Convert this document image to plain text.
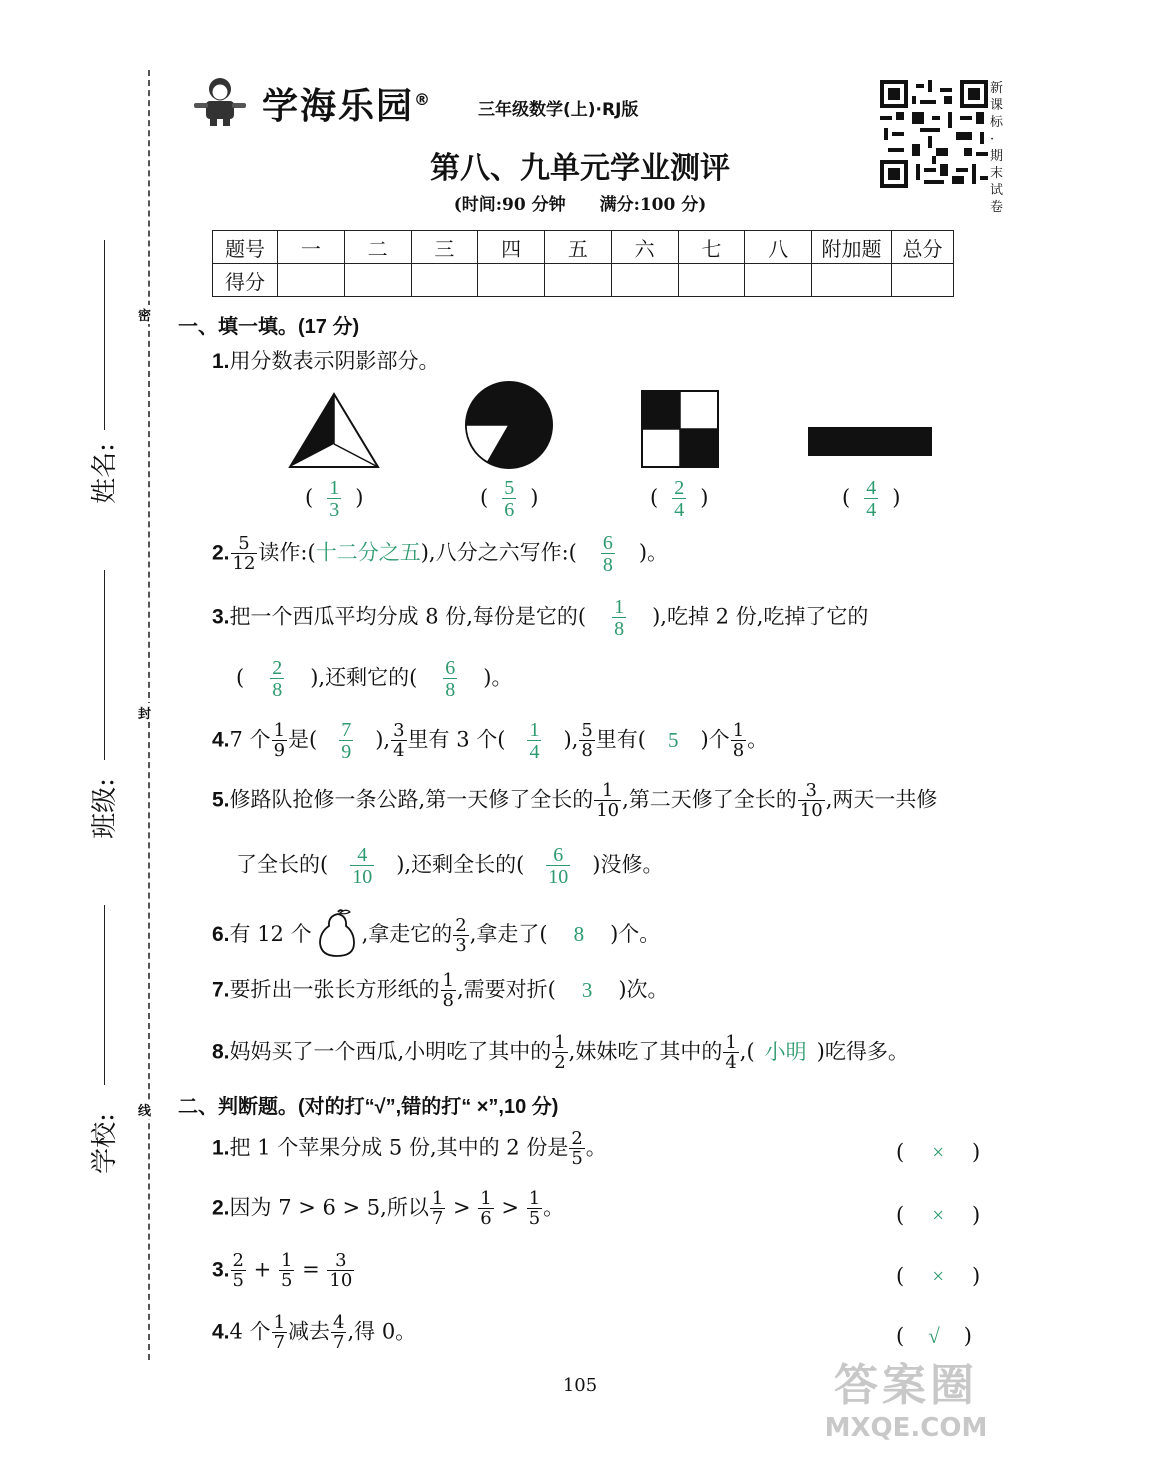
密
封
线
姓名:
班级:
学校:
学海乐园®
三年级数学(上)·RJ版
新课标·期末试卷
第八、九单元学业测评
(时间:90 分钟　　满分:100 分)
题号	一	二	三	四	五	六	七	八	附加题	总分
得分										
一、填一填。(17 分)
1.用分数表示阴影部分。
( $\frac{1}{3}$ )	( $\frac{5}{6}$ )	( $\frac{2}{4}$ )	( $\frac{4}{4}$ )
2. $\frac{5}{12}$ 读作:(十二分之五),八分之六写作:( $\frac{6}{8}$ )。
3.把一个西瓜平均分成 8 份,每份是它的( $\frac{1}{8}$ ),吃掉 2 份,吃掉了它的
( $\frac{2}{8}$ ),还剩它的( $\frac{6}{8}$ )。
4.7 个 $\frac{1}{9}$ 是( $\frac{7}{9}$ ), $\frac{3}{4}$ 里有 3 个( $\frac{1}{4}$ ), $\frac{5}{8}$ 里有( 5 )个 $\frac{1}{8}$ 。
5.修路队抢修一条公路,第一天修了全长的 $\frac{1}{10}$ ,第二天修了全长的 $\frac{3}{10}$ ,两天一共修
了全长的( $\frac{4}{10}$ ),还剩全长的( $\frac{6}{10}$ )没修。
6.有 12 个 ,拿走它的 $\frac{2}{3}$ ,拿走了( 8 )个。
7.要折出一张长方形纸的 $\frac{1}{8}$ ,需要对折( 3 )次。
8.妈妈买了一个西瓜,小明吃了其中的 $\frac{1}{2}$ ,妹妹吃了其中的 $\frac{1}{4}$ ,( 小明 )吃得多。
二、判断题。(对的打“√”,错的打“ ×”,10 分)
1.把 1 个苹果分成 5 份,其中的 2 份是 $\frac{2}{5}$ 。	( × )
2.因为 7 > 6 > 5,所以 $\frac{1}{7} > \frac{1}{6} > \frac{1}{5}$ 。	( × )
3. $\frac{2}{5} + \frac{1}{5} = \frac{3}{10}$	( × )
4.4 个 $\frac{1}{7}$ 减去 $\frac{4}{7}$ ,得 0。	( √ )
105	答案圈
MXQE.COM
